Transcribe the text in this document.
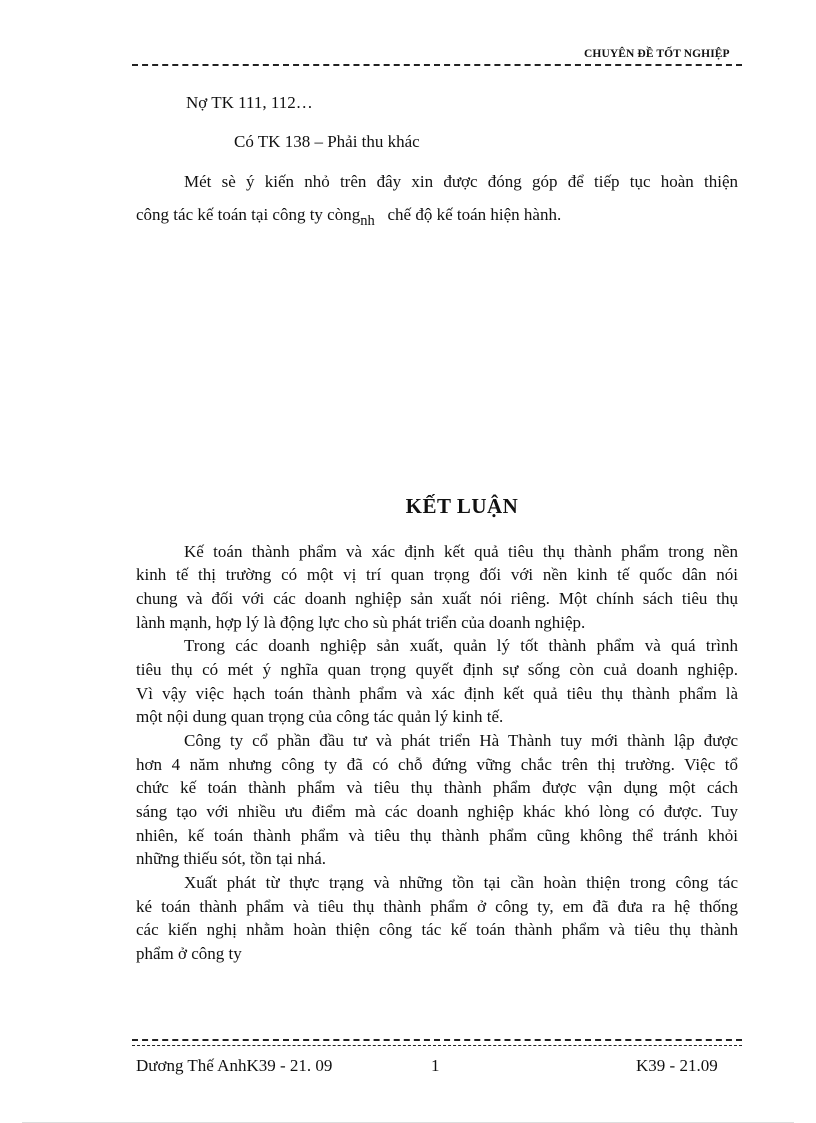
CHUYÊN ĐỀ TỐT NGHIỆP
Nợ TK 111, 112…
Có TK 138 – Phải thu khác
Mét sè ý kiến nhỏ trên đây xin được đóng góp để tiếp tục hoàn thiện
công tác kế toán tại công ty còngnh chế độ kế toán hiện hành.
KẾT LUẬN
Kế toán thành phẩm và xác định kết quả tiêu thụ thành phẩm trong nền
kinh tế thị trường có một vị trí quan trọng đối với nền kinh tế quốc dân nói
chung và đối với các doanh nghiệp sản xuất nói riêng. Một chính sách tiêu thụ
lành mạnh, hợp lý là động lực cho sù phát triển của doanh nghiệp.
Trong các doanh nghiệp sản xuất, quản lý tốt thành phẩm và quá trình
tiêu thụ có mét ý nghĩa quan trọng quyết định sự sống còn cuả doanh nghiệp.
Vì vậy việc hạch toán thành phẩm và xác định kết quả tiêu thụ thành phẩm là
một nội dung quan trọng của công tác quản lý kinh tế.
Công ty cổ phần đầu tư và phát triển Hà Thành tuy mới thành lập được
hơn 4 năm nhưng công ty đã có chỗ đứng vững chắc trên thị trường. Việc tổ
chức kế toán thành phẩm và tiêu thụ thành phẩm được vận dụng một cách
sáng tạo với nhiều ưu điểm mà các doanh nghiệp khác khó lòng có được. Tuy
nhiên, kế toán thành phẩm và tiêu thụ thành phẩm cũng không thể tránh khỏi
những thiếu sót, tồn tại nhá.
Xuất phát từ thực trạng và những tồn tại cần hoàn thiện trong công tác
ké toán thành phẩm và tiêu thụ thành phẩm ở công ty, em đã đưa ra hệ thống
các kiến nghị nhằm hoàn thiện công tác kế toán thành phẩm và tiêu thụ thành
phẩm ở công ty
Dương Thế AnhK39 - 21. 09	1	K39 - 21.09
